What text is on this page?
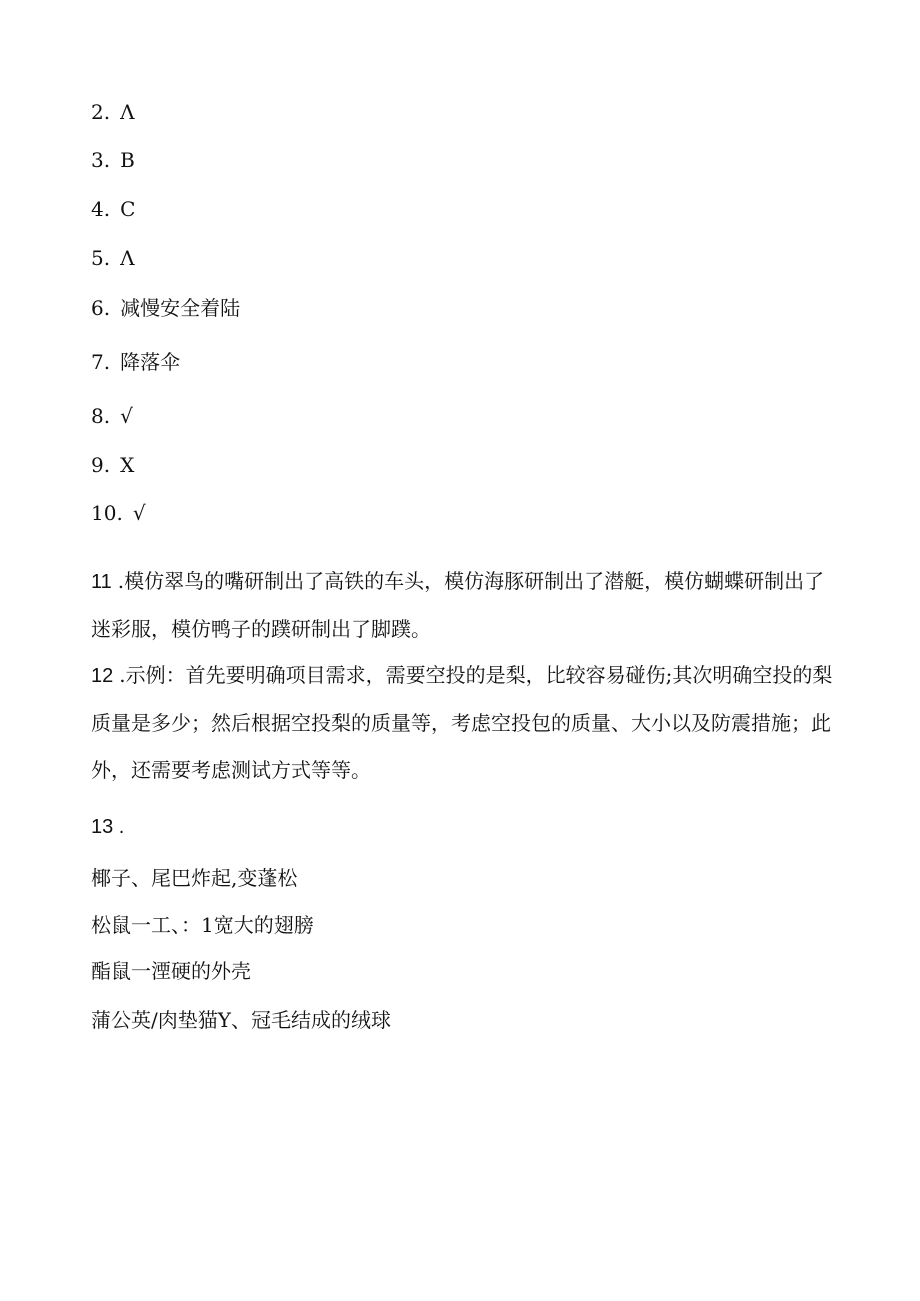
2. Λ
3. B
4. C
5. Λ
6. 减慢安全着陆
7. 降落伞
8. √
9. X
10. √
11 .模仿翠鸟的嘴研制出了高铁的车头，模仿海豚研制出了潜艇，模仿蝴蝶研制出了迷彩服，模仿鸭子的蹼研制出了脚蹼。
12 .示例：首先要明确项目需求，需要空投的是梨，比较容易碰伤;其次明确空投的梨质量是多少；然后根据空投梨的质量等，考虑空投包的质量、大小以及防震措施；此外，还需要考虑测试方式等等。
13 .
椰子、尾巴炸起,变蓬松
松鼠一工、：1宽大的翅膀
酯鼠一湮硬的外壳
蒲公英/肉垫猫Y、冠毛结成的绒球
